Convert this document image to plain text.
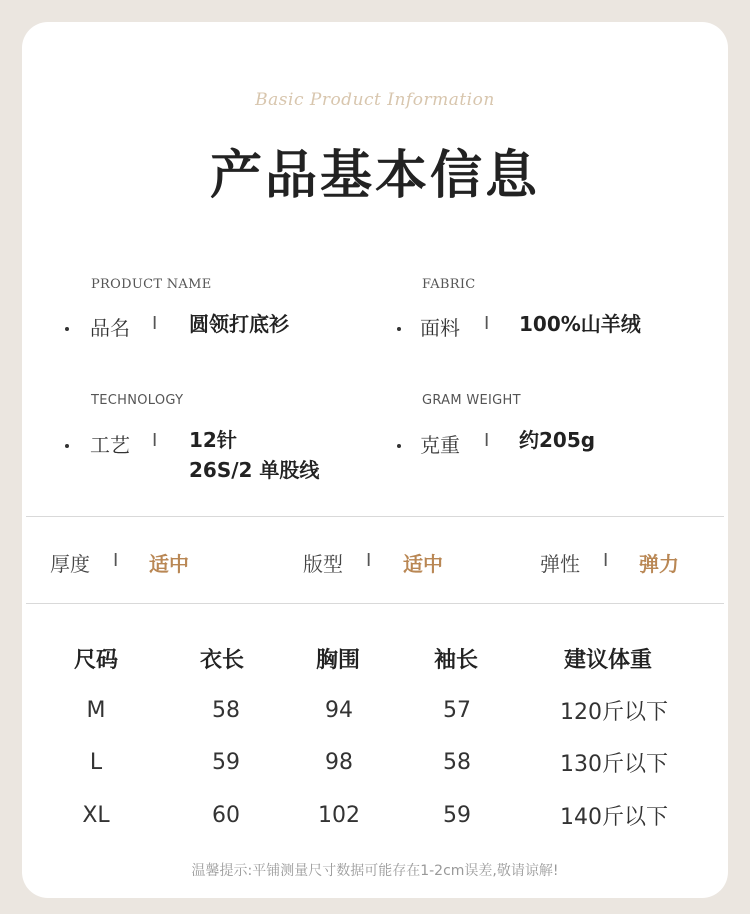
Basic Product Information
产品基本信息
PRODUCT NAME
品名 I 圆领打底衫
FABRIC
面料 I 100%山羊绒
TECHNOLOGY
工艺 I 12针
26S/2 单股线
GRAM WEIGHT
克重 I 约205g
厚度 I 适中	版型 I 适中	弹性 I 弹力
尺码	衣长	胸围	袖长	建议体重
M	58	94	57	120斤以下
L	59	98	58	130斤以下
XL	60	102	59	140斤以下
温馨提示:平铺测量尺寸数据可能存在1-2cm误差,敬请谅解!
